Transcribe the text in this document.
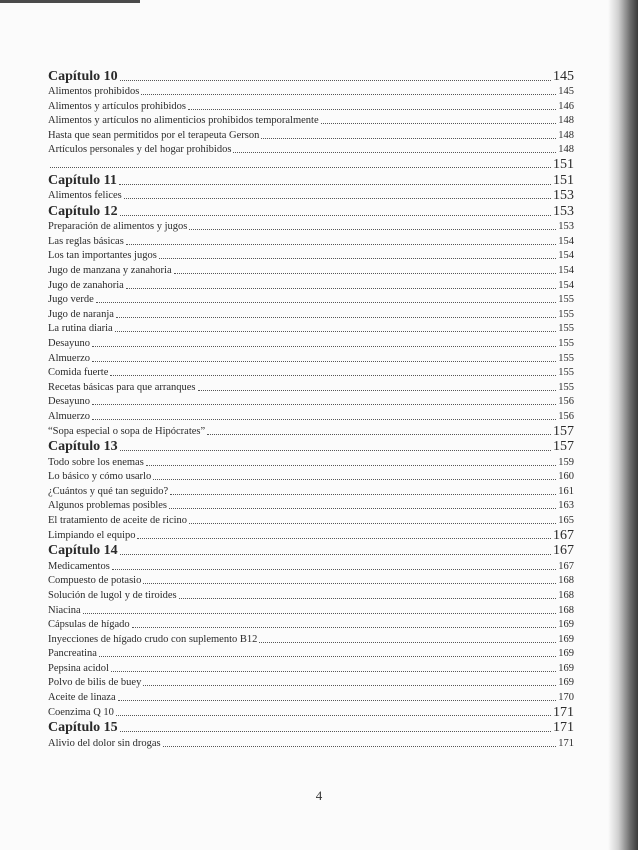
Capítulo 10	145
Alimentos prohibidos	145
Alimentos y artículos prohibidos	146
Alimentos y artículos no alimenticios prohibidos temporalmente	148
Hasta que sean permitidos por el terapeuta Gerson	148
Artículos personales y del hogar prohibidos	148
151
Capítulo 11	151
Alimentos felices	153
Capítulo 12	153
Preparación de alimentos y jugos	153
Las reglas básicas	154
Los tan importantes jugos	154
Jugo de manzana y zanahoria	154
Jugo de zanahoria	154
Jugo verde	155
Jugo de naranja	155
La rutina diaria	155
Desayuno	155
Almuerzo	155
Comida fuerte	155
Recetas básicas para que arranques	155
Desayuno	156
Almuerzo	156
“Sopa especial o sopa de Hipócrates”	157
Capítulo 13	157
Todo sobre los enemas	159
Lo básico y cómo usarlo	160
¿Cuántos y qué tan seguido?	161
Algunos problemas posibles	163
El tratamiento de aceite de ricino	165
Limpiando el equipo	167
Capítulo 14	167
Medicamentos	167
Compuesto de potasio	168
Solución de lugol y de tiroides	168
Niacina	168
Cápsulas de hígado	169
Inyecciones de hígado crudo con suplemento B12	169
Pancreatina	169
Pepsina acidol	169
Polvo de bilis de buey	169
Aceite de linaza	170
Coenzima Q 10	171
Capítulo 15	171
Alivio del dolor sin drogas	171
4
